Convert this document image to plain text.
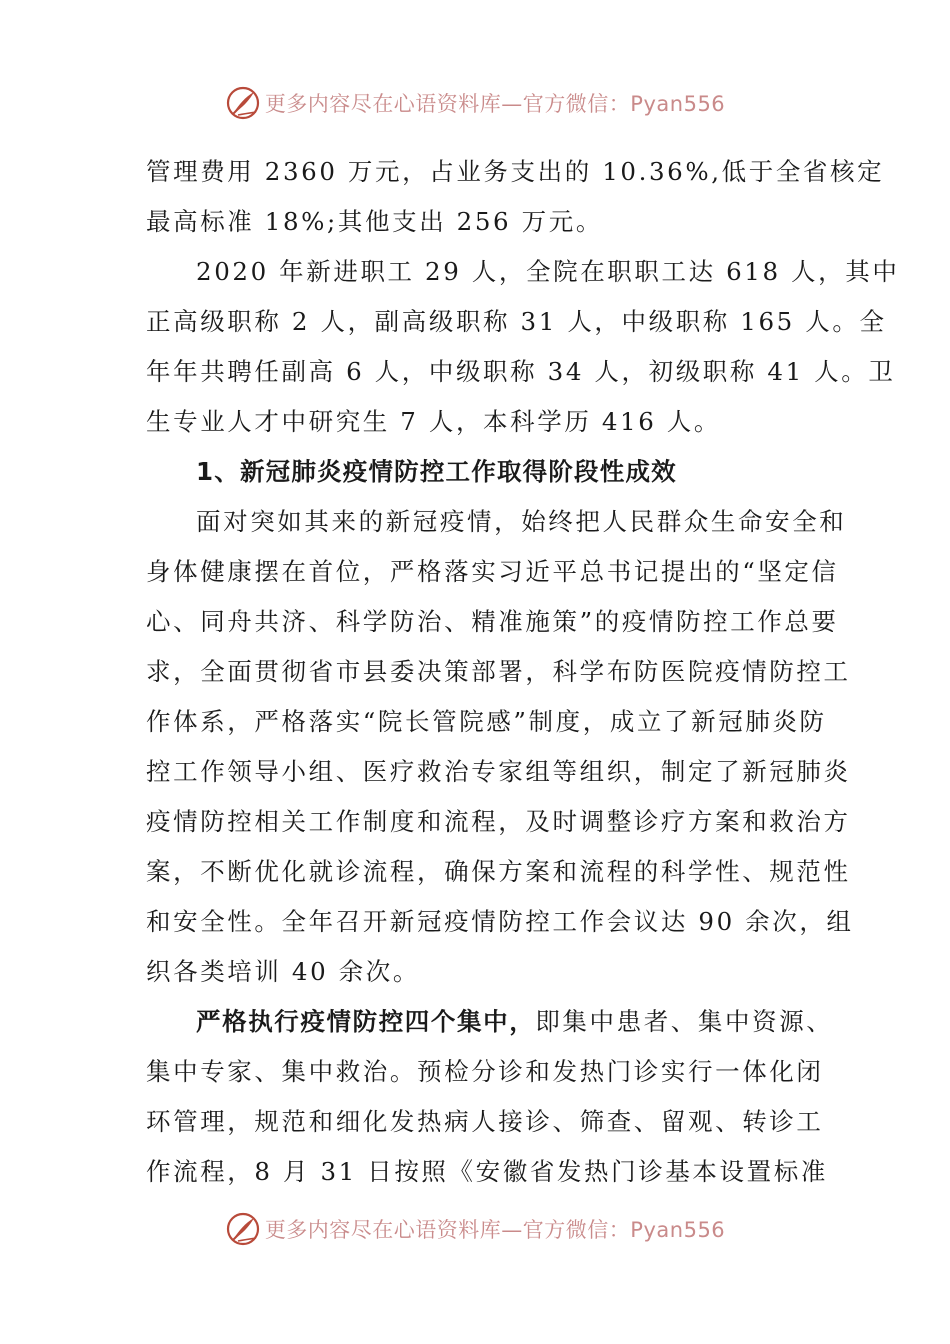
更多内容尽在心语资料库—官方微信：Pyan556
管理费用 2360 万元，占业务支出的 10.36%,低于全省核定
最高标准 18%;其他支出 256 万元。
2020 年新进职工 29 人，全院在职职工达 618 人，其中
正高级职称 2 人，副高级职称 31 人，中级职称 165 人。全
年年共聘任副高 6 人，中级职称 34 人，初级职称 41 人。卫
生专业人才中研究生 7 人，本科学历 416 人。
1、新冠肺炎疫情防控工作取得阶段性成效
面对突如其来的新冠疫情，始终把人民群众生命安全和
身体健康摆在首位，严格落实习近平总书记提出的“坚定信
心、同舟共济、科学防治、精准施策”的疫情防控工作总要
求，全面贯彻省市县委决策部署，科学布防医院疫情防控工
作体系，严格落实“院长管院感”制度，成立了新冠肺炎防
控工作领导小组、医疗救治专家组等组织，制定了新冠肺炎
疫情防控相关工作制度和流程，及时调整诊疗方案和救治方
案，不断优化就诊流程，确保方案和流程的科学性、规范性
和安全性。全年召开新冠疫情防控工作会议达 90 余次，组
织各类培训 40 余次。
严格执行疫情防控四个集中，即集中患者、集中资源、
集中专家、集中救治。预检分诊和发热门诊实行一体化闭
环管理，规范和细化发热病人接诊、筛查、留观、转诊工
作流程，8 月 31 日按照《安徽省发热门诊基本设置标准
更多内容尽在心语资料库—官方微信：Pyan556
